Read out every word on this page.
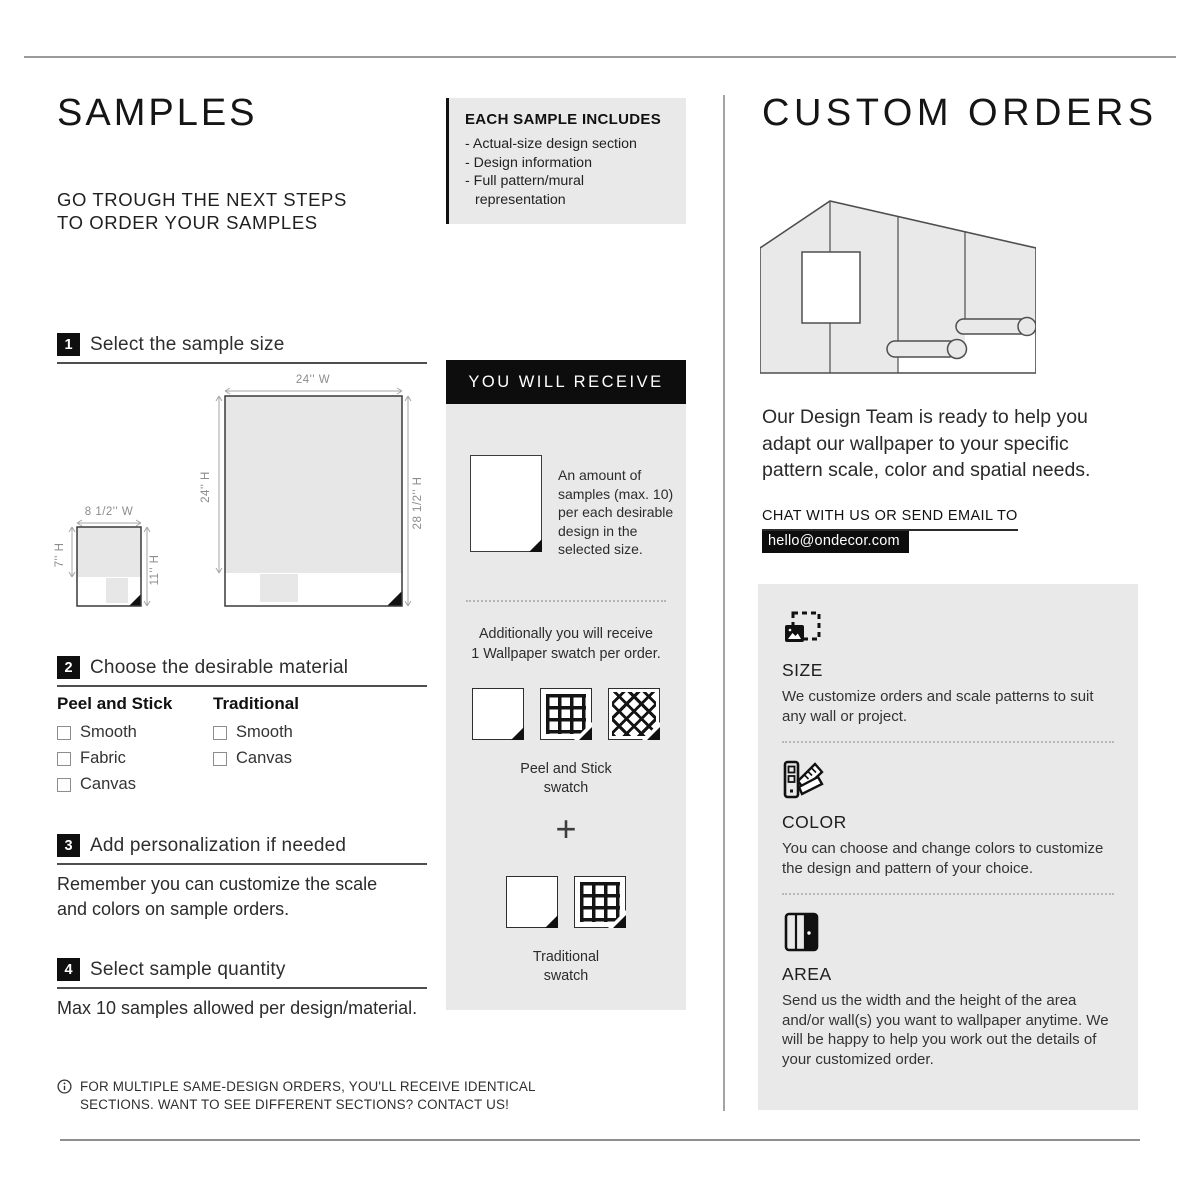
SAMPLES
GO TROUGH THE NEXT STEPS
TO ORDER YOUR SAMPLES
1 Select the sample size
8 1/2'' W
7'' H	11'' H
24'' W
24'' H	28 1/2'' H
2 Choose the desirable material
Peel and Stick
Smooth
Fabric
Canvas
Traditional
Smooth
Canvas
3 Add personalization if needed
Remember you can customize the scale and colors on sample orders.
4 Select sample quantity
Max 10 samples allowed per design/material.
FOR MULTIPLE SAME-DESIGN ORDERS, YOU'LL RECEIVE IDENTICAL
SECTIONS. WANT TO SEE DIFFERENT SECTIONS? CONTACT US!
EACH SAMPLE INCLUDES
- Actual-size design section
- Design information
- Full pattern/mural representation
YOU WILL RECEIVE
An amount of samples (max. 10) per each desirable design in the selected size.
Additionally you will receive
1 Wallpaper swatch per order.
Peel and Stick
swatch
+
Traditional
swatch
CUSTOM ORDERS
Our Design Team is ready to help you adapt our wallpaper to your specific pattern scale, color and spatial needs.
CHAT WITH US OR SEND EMAIL TO
hello@ondecor.com
SIZE
We customize orders and scale patterns to suit any wall or project.
COLOR
You can choose and change colors to customize the design and pattern of your choice.
AREA
Send us the width and the height of the area and/or wall(s) you want to wallpaper anytime. We will be happy to help you work out the details of your customized order.
